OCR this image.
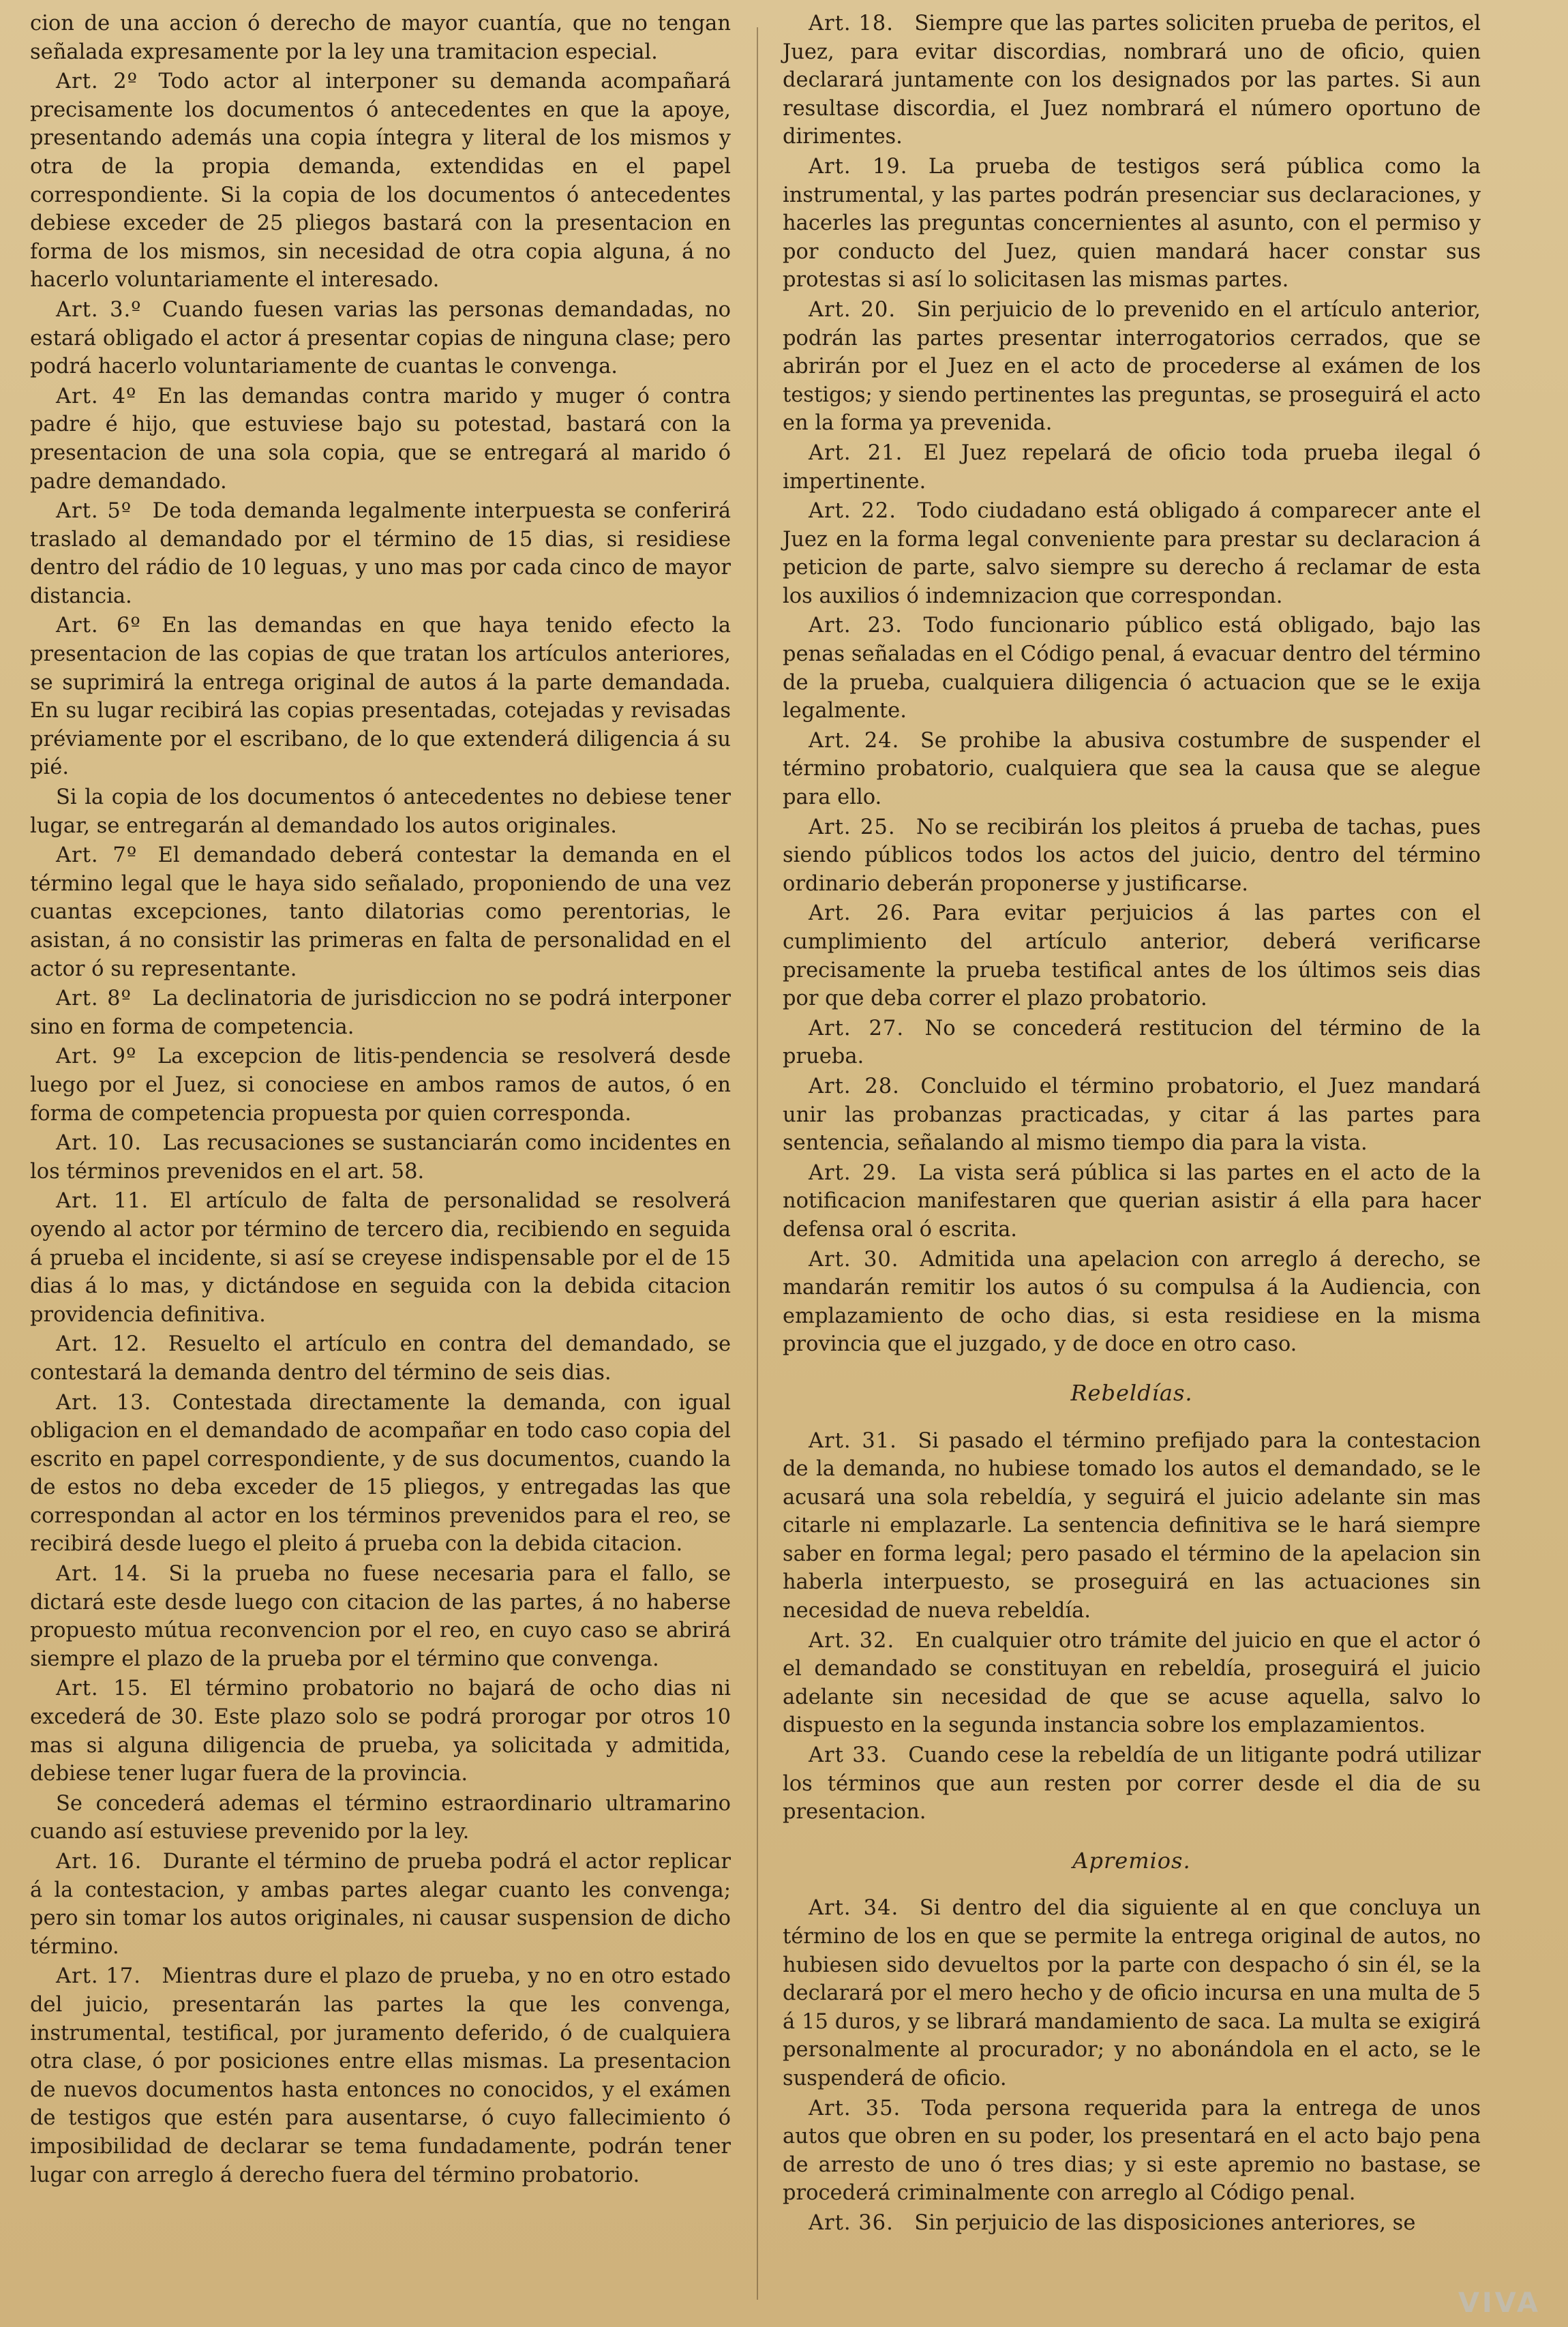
cion de una accion ó derecho de mayor cuantía, que no tengan señalada expresamente por la ley una tramitacion especial.

Art. 2º  Todo actor al interponer su demanda acompañará precisamente los documentos ó antecedentes en que la apoye, presentando además una copia íntegra y literal de los mismos y otra de la propia demanda, extendidas en el papel correspondiente. Si la copia de los documentos ó antecedentes debiese exceder de 25 pliegos bastará con la presentacion en forma de los mismos, sin necesidad de otra copia alguna, á no hacerlo voluntariamente el interesado.

Art. 3.º  Cuando fuesen varias las personas demandadas, no estará obligado el actor á presentar copias de ninguna clase; pero podrá hacerlo voluntariamente de cuantas le convenga.

Art. 4º  En las demandas contra marido y muger ó contra padre é hijo, que estuviese bajo su potestad, bastará con la presentacion de una sola copia, que se entregará al marido ó padre demandado.

Art. 5º  De toda demanda legalmente interpuesta se conferirá traslado al demandado por el término de 15 dias, si residiese dentro del rádio de 10 leguas, y uno mas por cada cinco de mayor distancia.

Art. 6º  En las demandas en que haya tenido efecto la presentacion de las copias de que tratan los artículos anteriores, se suprimirá la entrega original de autos á la parte demandada. En su lugar recibirá las copias presentadas, cotejadas y revisadas préviamente por el escribano, de lo que extenderá diligencia á su pié.

Si la copia de los documentos ó antecedentes no debiese tener lugar, se entregarán al demandado los autos originales.

Art. 7º  El demandado deberá contestar la demanda en el término legal que le haya sido señalado, proponiendo de una vez cuantas excepciones, tanto dilatorias como perentorias, le asistan, á no consistir las primeras en falta de personalidad en el actor ó su representante.

Art. 8º  La declinatoria de jurisdiccion no se podrá interponer sino en forma de competencia.

Art. 9º  La excepcion de litis-pendencia se resolverá desde luego por el Juez, si conociese en ambos ramos de autos, ó en forma de competencia propuesta por quien corresponda.

Art. 10.  Las recusaciones se sustanciarán como incidentes en los términos prevenidos en el art. 58.

Art. 11.  El artículo de falta de personalidad se resolverá oyendo al actor por término de tercero dia, recibiendo en seguida á prueba el incidente, si así se creyese indispensable por el de 15 dias á lo mas, y dictándose en seguida con la debida citacion providencia definitiva.

Art. 12.  Resuelto el artículo en contra del demandado, se contestará la demanda dentro del término de seis dias.

Art. 13.  Contestada directamente la demanda, con igual obligacion en el demandado de acompañar en todo caso copia del escrito en papel correspondiente, y de sus documentos, cuando la de estos no deba exceder de 15 pliegos, y entregadas las que correspondan al actor en los términos prevenidos para el reo, se recibirá desde luego el pleito á prueba con la debida citacion.

Art. 14.  Si la prueba no fuese necesaria para el fallo, se dictará este desde luego con citacion de las partes, á no haberse propuesto mútua reconvencion por el reo, en cuyo caso se abrirá siempre el plazo de la prueba por el término que convenga.

Art. 15.  El término probatorio no bajará de ocho dias ni excederá de 30. Este plazo solo se podrá prorogar por otros 10 mas si alguna diligencia de prueba, ya solicitada y admitida, debiese tener lugar fuera de la provincia.

Se concederá ademas el término estraordinario ultramarino cuando así estuviese prevenido por la ley.

Art. 16.  Durante el término de prueba podrá el actor replicar á la contestacion, y ambas partes alegar cuanto les convenga; pero sin tomar los autos originales, ni causar suspension de dicho término.

Art. 17.  Mientras dure el plazo de prueba, y no en otro estado del juicio, presentarán las partes la que les convenga, instrumental, testifical, por juramento deferido, ó de cualquiera otra clase, ó por posiciones entre ellas mismas. La presentacion de nuevos documentos hasta entonces no conocidos, y el exámen de testigos que estén para ausentarse, ó cuyo fallecimiento ó imposibilidad de declarar se tema fundadamente, podrán tener lugar con arreglo á derecho fuera del término probatorio.

Art. 18.  Siempre que las partes soliciten prueba de peritos, el Juez, para evitar discordias, nombrará uno de oficio, quien declarará juntamente con los designados por las partes. Si aun resultase discordia, el Juez nombrará el número oportuno de dirimentes.

Art. 19.  La prueba de testigos será pública como la instrumental, y las partes podrán presenciar sus declaraciones, y hacerles las preguntas concernientes al asunto, con el permiso y por conducto del Juez, quien mandará hacer constar sus protestas si así lo solicitasen las mismas partes.

Art. 20.  Sin perjuicio de lo prevenido en el artículo anterior, podrán las partes presentar interrogatorios cerrados, que se abrirán por el Juez en el acto de procederse al exámen de los testigos; y siendo pertinentes las preguntas, se proseguirá el acto en la forma ya prevenida.

Art. 21.  El Juez repelará de oficio toda prueba ilegal ó impertinente.

Art. 22.  Todo ciudadano está obligado á comparecer ante el Juez en la forma legal conveniente para prestar su declaracion á peticion de parte, salvo siempre su derecho á reclamar de esta los auxilios ó indemnizacion que correspondan.

Art. 23.  Todo funcionario público está obligado, bajo las penas señaladas en el Código penal, á evacuar dentro del término de la prueba, cualquiera diligencia ó actuacion que se le exija legalmente.

Art. 24.  Se prohibe la abusiva costumbre de suspender el término probatorio, cualquiera que sea la causa que se alegue para ello.

Art. 25.  No se recibirán los pleitos á prueba de tachas, pues siendo públicos todos los actos del juicio, dentro del término ordinario deberán proponerse y justificarse.

Art. 26.  Para evitar perjuicios á las partes con el cumplimiento del artículo anterior, deberá verificarse precisamente la prueba testifical antes de los últimos seis dias por que deba correr el plazo probatorio.

Art. 27.  No se concederá restitucion del término de la prueba.

Art. 28.  Concluido el término probatorio, el Juez mandará unir las probanzas practicadas, y citar á las partes para sentencia, señalando al mismo tiempo dia para la vista.

Art. 29.  La vista será pública si las partes en el acto de la notificacion manifestaren que querian asistir á ella para hacer defensa oral ó escrita.

Art. 30.  Admitida una apelacion con arreglo á derecho, se mandarán remitir los autos ó su compulsa á la Audiencia, con emplazamiento de ocho dias, si esta residiese en la misma provincia que el juzgado, y de doce en otro caso.

Rebeldías.

Art. 31.  Si pasado el término prefijado para la contestacion de la demanda, no hubiese tomado los autos el demandado, se le acusará una sola rebeldía, y seguirá el juicio adelante sin mas citarle ni emplazarle. La sentencia definitiva se le hará siempre saber en forma legal; pero pasado el término de la apelacion sin haberla interpuesto, se proseguirá en las actuaciones sin necesidad de nueva rebeldía.

Art. 32.  En cualquier otro trámite del juicio en que el actor ó el demandado se constituyan en rebeldía, proseguirá el juicio adelante sin necesidad de que se acuse aquella, salvo lo dispuesto en la segunda instancia sobre los emplazamientos.

Art 33.  Cuando cese la rebeldía de un litigante podrá utilizar los términos que aun resten por correr desde el dia de su presentacion.

Apremios.

Art. 34.  Si dentro del dia siguiente al en que concluya un término de los en que se permite la entrega original de autos, no hubiesen sido devueltos por la parte con despacho ó sin él, se la declarará por el mero hecho y de oficio incursa en una multa de 5 á 15 duros, y se librará mandamiento de saca. La multa se exigirá personalmente al procurador; y no abonándola en el acto, se le suspenderá de oficio.

Art. 35.  Toda persona requerida para la entrega de unos autos que obren en su poder, los presentará en el acto bajo pena de arresto de uno ó tres dias; y si este apremio no bastase, se procederá criminalmente con arreglo al Código penal.

Art. 36.  Sin perjuicio de las disposiciones anteriores, se

VIVA
